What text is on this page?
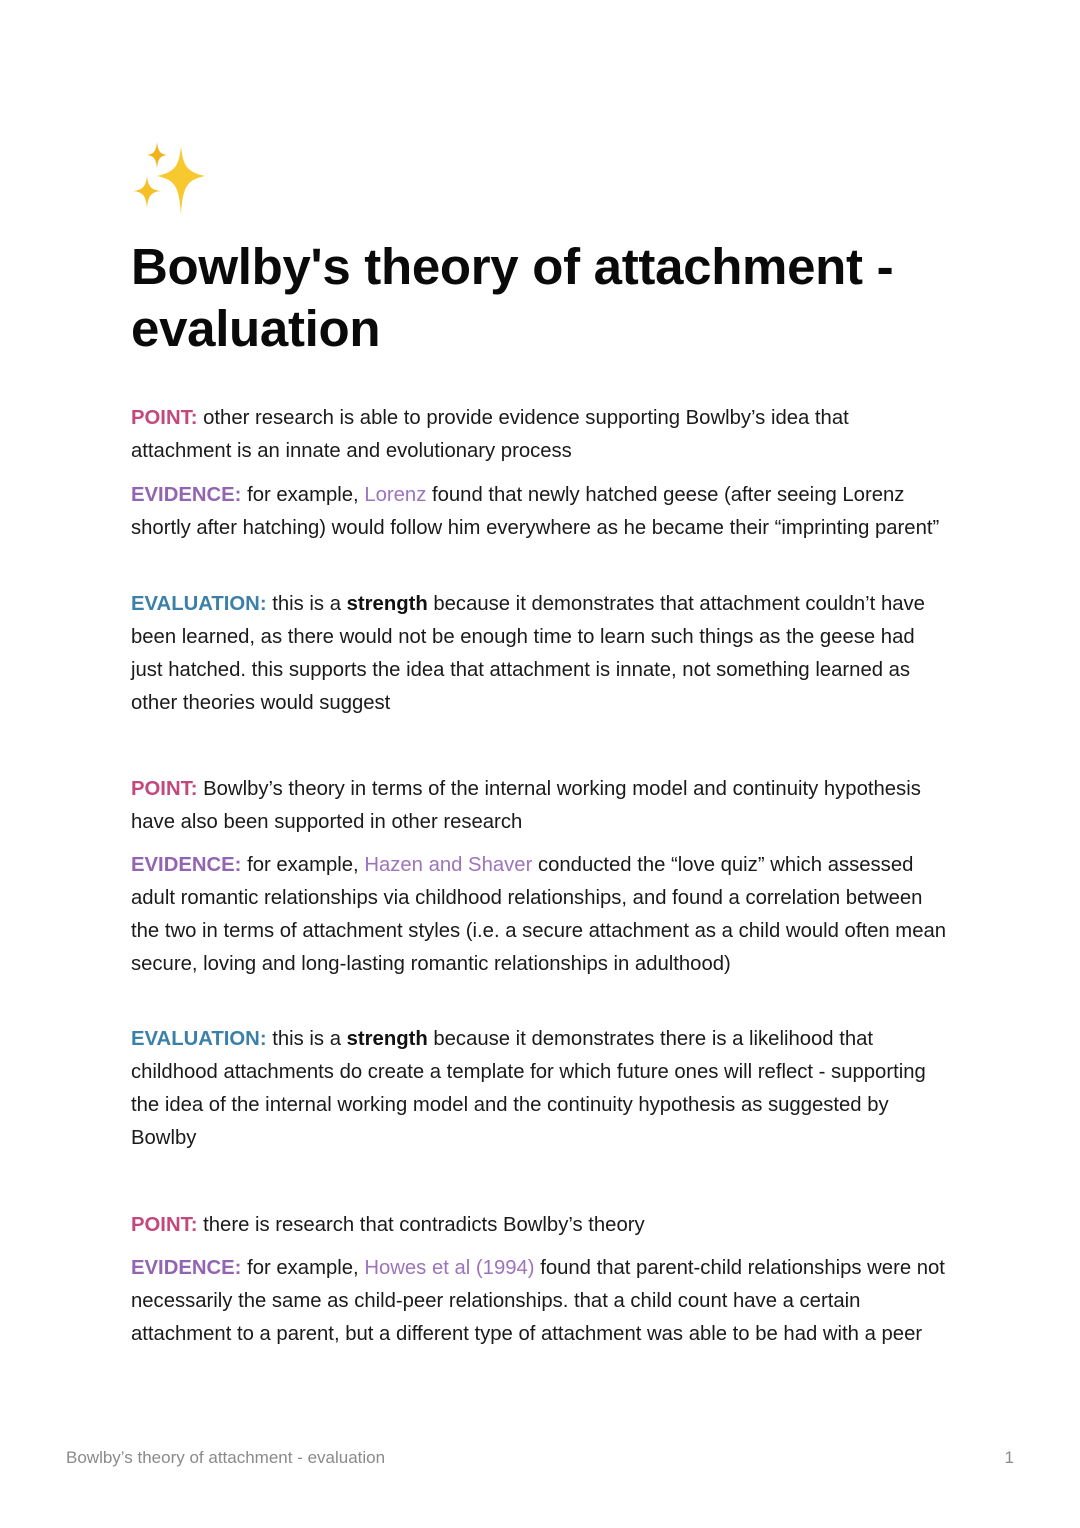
Bowlby's theory of attachment - evaluation

POINT: other research is able to provide evidence supporting Bowlby’s idea that attachment is an innate and evolutionary process

EVIDENCE: for example, Lorenz found that newly hatched geese (after seeing Lorenz shortly after hatching) would follow him everywhere as he became their “imprinting parent”

EVALUATION: this is a strength because it demonstrates that attachment couldn’t have been learned, as there would not be enough time to learn such things as the geese had just hatched. this supports the idea that attachment is innate, not something learned as other theories would suggest

POINT: Bowlby’s theory in terms of the internal working model and continuity hypothesis have also been supported in other research

EVIDENCE: for example, Hazen and Shaver conducted the “love quiz” which assessed adult romantic relationships via childhood relationships, and found a correlation between the two in terms of attachment styles (i.e. a secure attachment as a child would often mean secure, loving and long-lasting romantic relationships in adulthood)

EVALUATION: this is a strength because it demonstrates there is a likelihood that childhood attachments do create a template for which future ones will reflect - supporting the idea of the internal working model and the continuity hypothesis as suggested by Bowlby

POINT: there is research that contradicts Bowlby’s theory

EVIDENCE: for example, Howes et al (1994) found that parent-child relationships were not necessarily the same as child-peer relationships. that a child count have a certain attachment to a parent, but a different type of attachment was able to be had with a peer

Bowlby’s theory of attachment - evaluation	1
